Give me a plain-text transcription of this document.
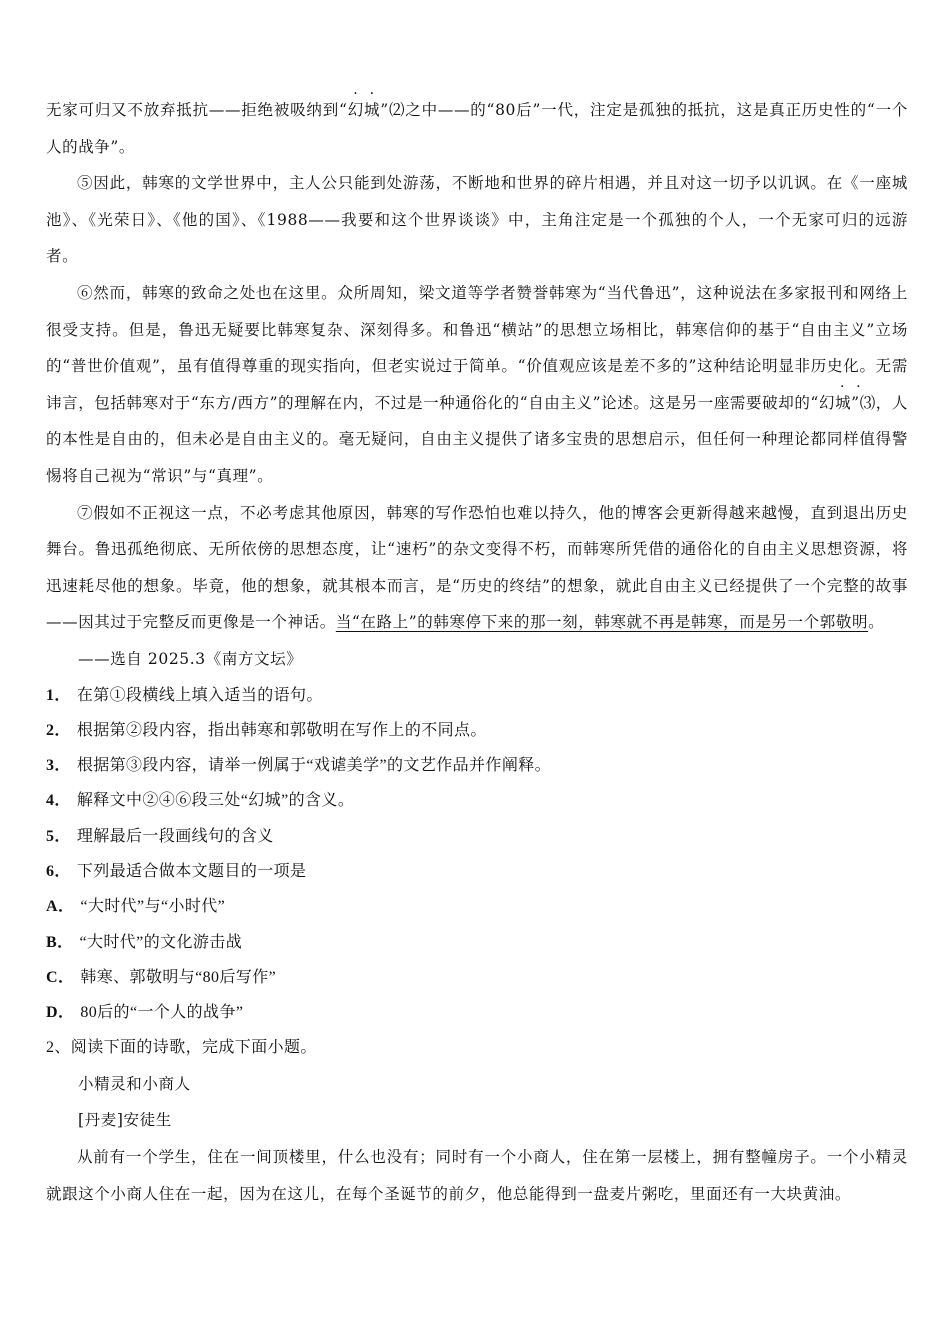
无家可归又不放弃抵抗——拒绝被吸纳到“幻城”⑵之中——的“80后”一代，注定是孤独的抵抗，这是真正历史性的“一个人的战争”。

⑤因此，韩寒的文学世界中，主人公只能到处游荡，不断地和世界的碎片相遇，并且对这一切予以讥讽。在《一座城池》、《光荣日》、《他的国》、《1988——我要和这个世界谈谈》中，主角注定是一个孤独的个人，一个无家可归的远游者。

⑥然而，韩寒的致命之处也在这里。众所周知，梁文道等学者赞誉韩寒为“当代鲁迅”，这种说法在多家报刊和网络上很受支持。但是，鲁迅无疑要比韩寒复杂、深刻得多。和鲁迅“横站”的思想立场相比，韩寒信仰的基于“自由主义”立场的“普世价值观”，虽有值得尊重的现实指向，但老实说过于简单。“价值观应该是差不多的”这种结论明显非历史化。无需讳言，包括韩寒对于“东方/西方”的理解在内，不过是一种通俗化的“自由主义”论述。这是另一座需要破却的“幻城”⑶，人的本性是自由的，但未必是自由主义的。毫无疑问，自由主义提供了诸多宝贵的思想启示，但任何一种理论都同样值得警惕将自己视为“常识”与“真理”。

⑦假如不正视这一点，不必考虑其他原因，韩寒的写作恐怕也难以持久，他的博客会更新得越来越慢，直到退出历史舞台。鲁迅孤绝彻底、无所依傍的思想态度，让“速朽”的杂文变得不朽，而韩寒所凭借的通俗化的自由主义思想资源，将迅速耗尽他的想象。毕竟，他的想象，就其根本而言，是“历史的终结”的想象，就此自由主义已经提供了一个完整的故事——因其过于完整反而更像是一个神话。当“在路上”的韩寒停下来的那一刻，韩寒就不再是韩寒，而是另一个郭敬明。

——选自 2025.3《南方文坛》

1． 在第①段横线上填入适当的语句。

2． 根据第②段内容，指出韩寒和郭敬明在写作上的不同点。

3． 根据第③段内容，请举一例属于“戏谑美学”的文艺作品并作阐释。

4． 解释文中②④⑥段三处“幻城”的含义。

5． 理解最后一段画线句的含义

6． 下列最适合做本文题目的一项是

A． “大时代”与“小时代”

B． “大时代”的文化游击战

C． 韩寒、郭敬明与“80后写作”

D． 80后的“一个人的战争”

2、阅读下面的诗歌，完成下面小题。

小精灵和小商人

[丹麦]安徒生

从前有一个学生，住在一间顶楼里，什么也没有；同时有一个小商人，住在第一层楼上，拥有整幢房子。一个小精灵就跟这个小商人住在一起，因为在这儿，在每个圣诞节的前夕，他总能得到一盘麦片粥吃，里面还有一大块黄油。
